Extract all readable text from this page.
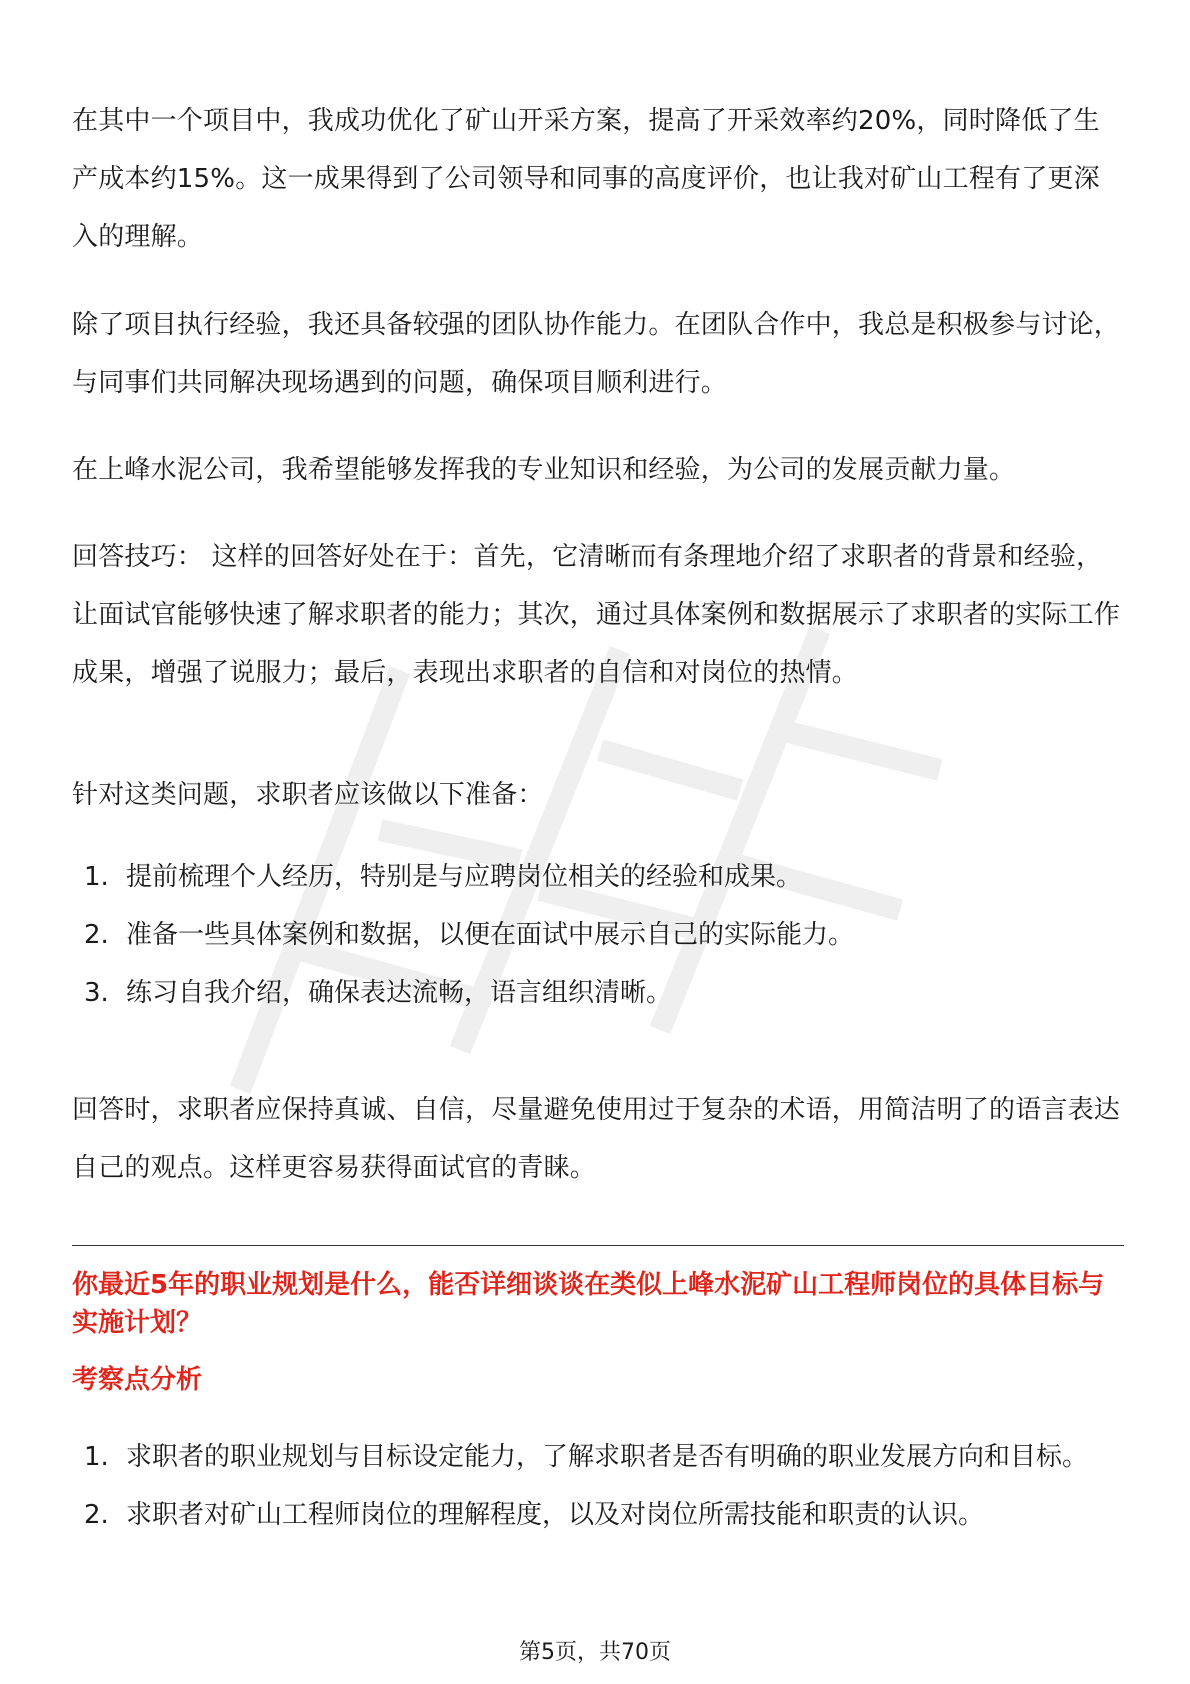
在其中一个项目中，我成功优化了矿山开采方案，提高了开采效率约20%，同时降低了生产成本约15%。这一成果得到了公司领导和同事的高度评价，也让我对矿山工程有了更深入的理解。

除了项目执行经验，我还具备较强的团队协作能力。在团队合作中，我总是积极参与讨论，与同事们共同解决现场遇到的问题，确保项目顺利进行。

在上峰水泥公司，我希望能够发挥我的专业知识和经验，为公司的发展贡献力量。

回答技巧： 这样的回答好处在于：首先，它清晰而有条理地介绍了求职者的背景和经验，让面试官能够快速了解求职者的能力；其次，通过具体案例和数据展示了求职者的实际工作成果，增强了说服力；最后，表现出求职者的自信和对岗位的热情。

针对这类问题，求职者应该做以下准备：

1. 提前梳理个人经历，特别是与应聘岗位相关的经验和成果。
2. 准备一些具体案例和数据，以便在面试中展示自己的实际能力。
3. 练习自我介绍，确保表达流畅，语言组织清晰。

回答时，求职者应保持真诚、自信，尽量避免使用过于复杂的术语，用简洁明了的语言表达自己的观点。这样更容易获得面试官的青睐。

你最近5年的职业规划是什么，能否详细谈谈在类似上峰水泥矿山工程师岗位的具体目标与实施计划？

考察点分析

1. 求职者的职业规划与目标设定能力，了解求职者是否有明确的职业发展方向和目标。
2. 求职者对矿山工程师岗位的理解程度，以及对岗位所需技能和职责的认识。
第5页，共70页
